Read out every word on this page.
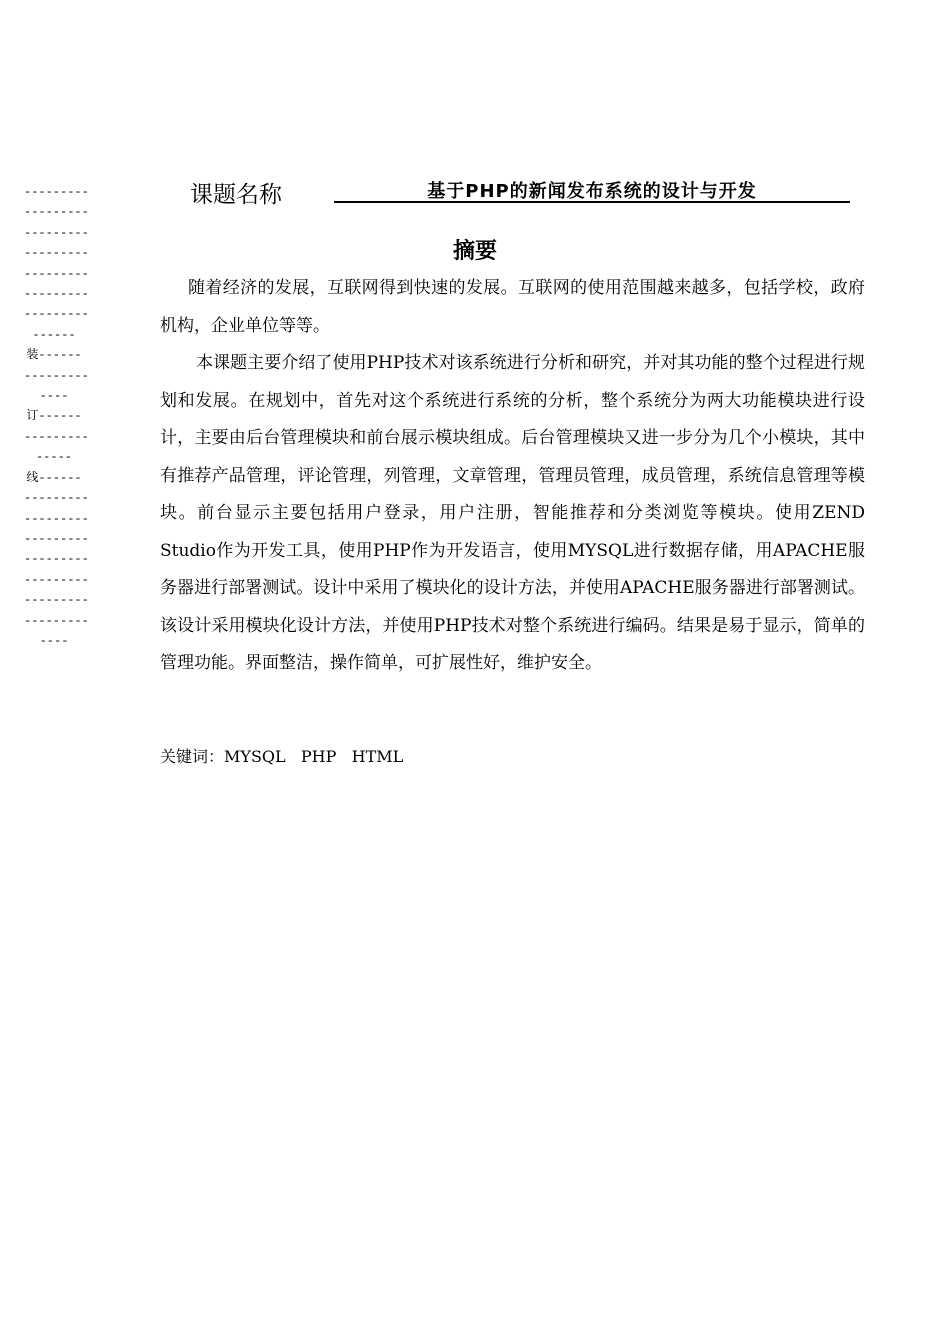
---------
---------
---------
---------
---------
---------
---------
------
装------
---------
----
订------
---------
-----
线------
---------
---------
---------
---------
---------
---------
---------
----
课题名称	基于PHP的新闻发布系统的设计与开发
摘要

随着经济的发展，互联网得到快速的发展。互联网的使用范围越来越多，包括学校，政府机构，企业单位等等。

本课题主要介绍了使用PHP技术对该系统进行分析和研究，并对其功能的整个过程进行规划和发展。在规划中，首先对这个系统进行系统的分析，整个系统分为两大功能模块进行设计，主要由后台管理模块和前台展示模块组成。后台管理模块又进一步分为几个小模块，其中有推荐产品管理，评论管理，列管理，文章管理，管理员管理，成员管理，系统信息管理等模块。前台显示主要包括用户登录，用户注册，智能推荐和分类浏览等模块。使用ZEND Studio作为开发工具，使用PHP作为开发语言，使用MYSQL进行数据存储，用APACHE服务器进行部署测试。设计中采用了模块化的设计方法，并使用APACHE服务器进行部署测试。该设计采用模块化设计方法，并使用PHP技术对整个系统进行编码。结果是易于显示，简单的管理功能。界面整洁，操作简单，可扩展性好，维护安全。

关键词：MYSQL   PHP   HTML
